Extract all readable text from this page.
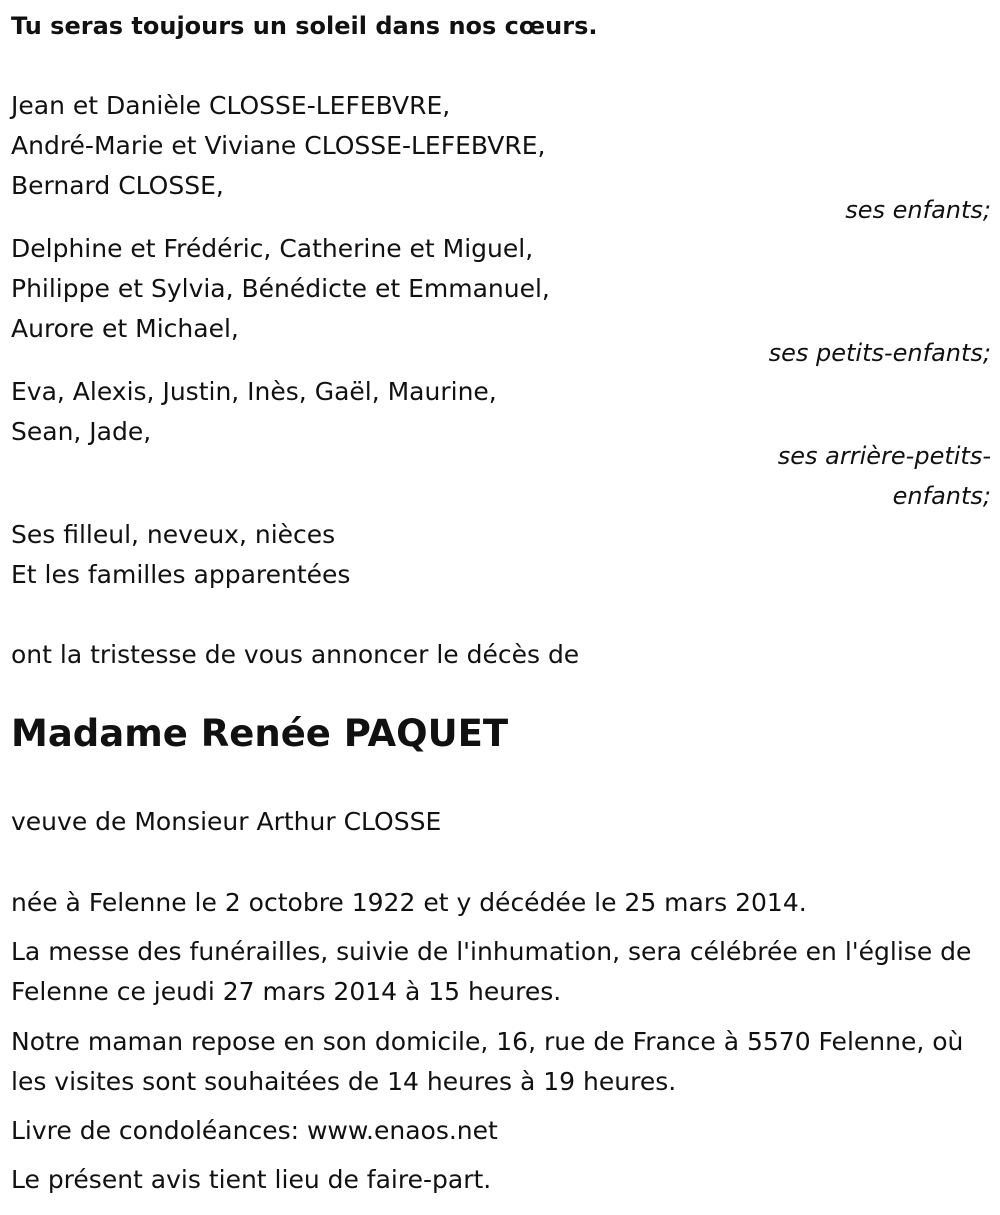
Tu seras toujours un soleil dans nos cœurs.
Jean et Danièle CLOSSE-LEFEBVRE,
André-Marie et Viviane CLOSSE-LEFEBVRE,
Bernard CLOSSE,
ses enfants;
Delphine et Frédéric, Catherine et Miguel,
Philippe et Sylvia, Bénédicte et Emmanuel,
Aurore et Michael,
ses petits-enfants;
Eva, Alexis, Justin, Inès, Gaël, Maurine,
Sean, Jade,
ses arrière-petits-
enfants;
Ses filleul, neveux, nièces
Et les familles apparentées
ont la tristesse de vous annoncer le décès de
Madame Renée PAQUET
veuve de Monsieur Arthur CLOSSE
née à Felenne le 2 octobre 1922 et y décédée le 25 mars 2014.
La messe des funérailles, suivie de l'inhumation, sera célébrée en l'église de Felenne ce jeudi 27 mars 2014 à 15 heures.
Notre maman repose en son domicile, 16, rue de France à 5570 Felenne, où les visites sont souhaitées de 14 heures à 19 heures.
Livre de condoléances: www.enaos.net
Le présent avis tient lieu de faire-part.
